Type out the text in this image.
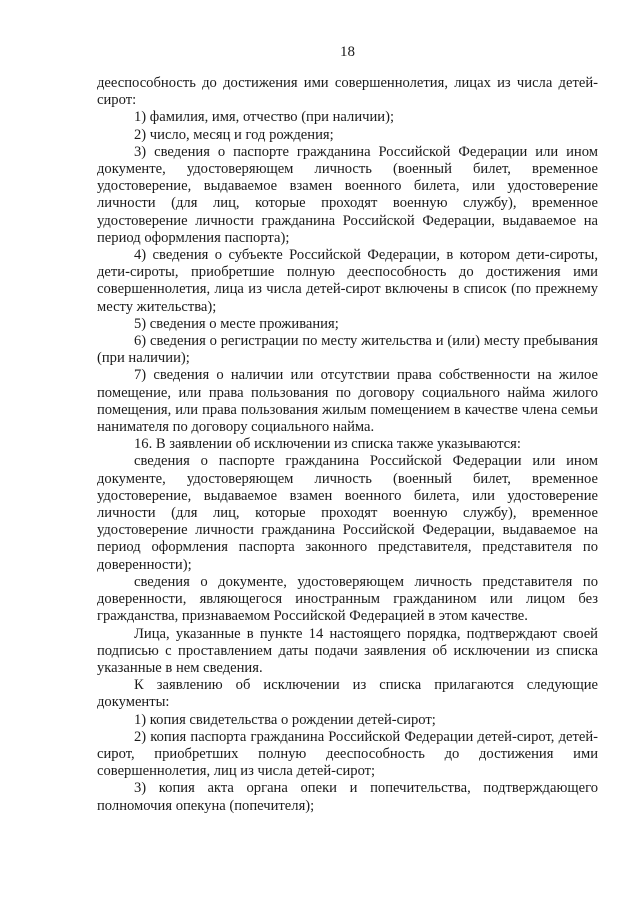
18

дееспособность до достижения ими совершеннолетия, лицах из числа детей-сирот:

1) фамилия, имя, отчество (при наличии);

2) число, месяц и год рождения;

3) сведения о паспорте гражданина Российской Федерации или ином документе, удостоверяющем личность (военный билет, временное удостоверение, выдаваемое взамен военного билета, или удостоверение личности (для лиц, которые проходят военную службу), временное удостоверение личности гражданина Российской Федерации, выдаваемое на период оформления паспорта);

4) сведения о субъекте Российской Федерации, в котором дети-сироты, дети-сироты, приобретшие полную дееспособность до достижения ими совершеннолетия, лица из числа детей-сирот включены в список (по прежнему месту жительства);

5) сведения о месте проживания;

6) сведения о регистрации по месту жительства и (или) месту пребывания (при наличии);

7) сведения о наличии или отсутствии права собственности на жилое помещение, или права пользования по договору социального найма жилого помещения, или права пользования жилым помещением в качестве члена семьи нанимателя по договору социального найма.

16. В заявлении об исключении из списка также указываются:

сведения о паспорте гражданина Российской Федерации или ином документе, удостоверяющем личность (военный билет, временное удостоверение, выдаваемое взамен военного билета, или удостоверение личности (для лиц, которые проходят военную службу), временное удостоверение личности гражданина Российской Федерации, выдаваемое на период оформления паспорта законного представителя, представителя по доверенности);

сведения о документе, удостоверяющем личность представителя по доверенности, являющегося иностранным гражданином или лицом без гражданства, признаваемом Российской Федерацией в этом качестве.

Лица, указанные в пункте 14 настоящего порядка, подтверждают своей подписью с проставлением даты подачи заявления об исключении из списка указанные в нем сведения.

К заявлению об исключении из списка прилагаются следующие документы:

1) копия свидетельства о рождении детей-сирот;

2) копия паспорта гражданина Российской Федерации детей-сирот, детей-сирот, приобретших полную дееспособность до достижения ими совершеннолетия, лиц из числа детей-сирот;

3) копия акта органа опеки и попечительства, подтверждающего полномочия опекуна (попечителя);
